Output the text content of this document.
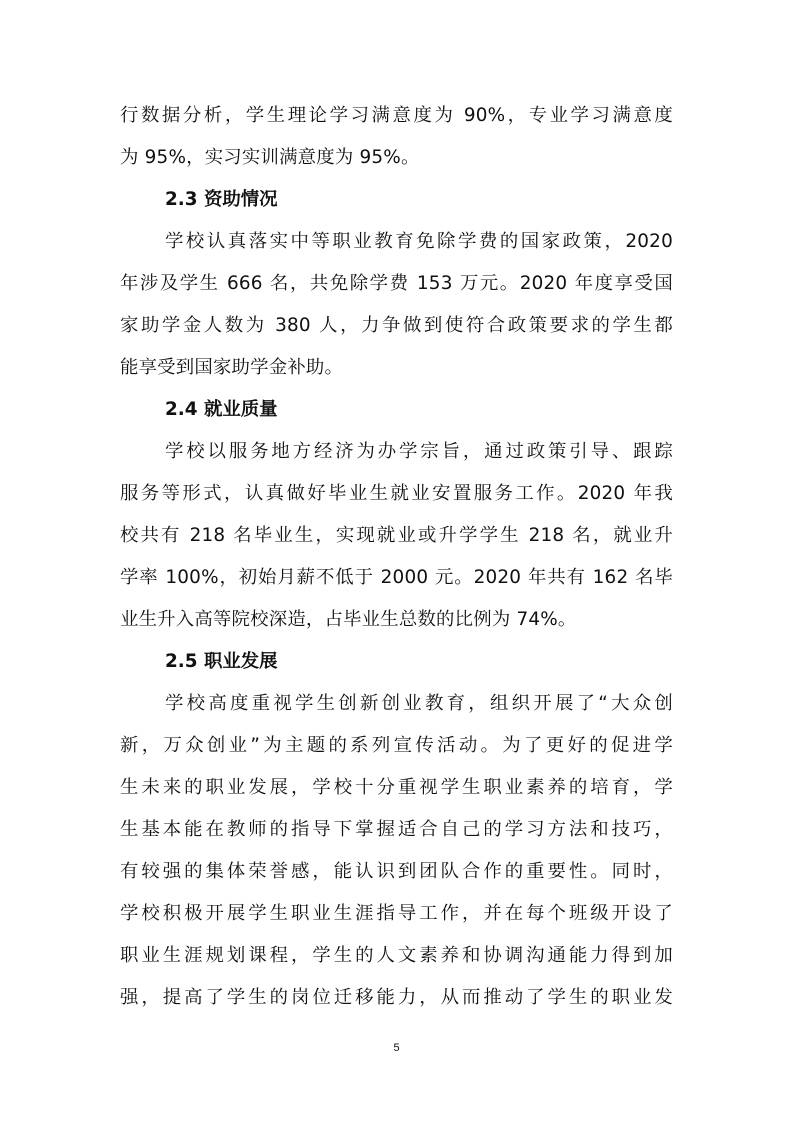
行数据分析，学生理论学习满意度为 90%，专业学习满意度
为 95%，实习实训满意度为 95%。
2.3 资助情况
学校认真落实中等职业教育免除学费的国家政策，2020
年涉及学生 666 名，共免除学费 153 万元。2020 年度享受国
家助学金人数为 380 人，力争做到使符合政策要求的学生都
能享受到国家助学金补助。
2.4 就业质量
学校以服务地方经济为办学宗旨，通过政策引导、跟踪
服务等形式，认真做好毕业生就业安置服务工作。2020 年我
校共有 218 名毕业生，实现就业或升学学生 218 名，就业升
学率 100%，初始月薪不低于 2000 元。2020 年共有 162 名毕
业生升入高等院校深造，占毕业生总数的比例为 74%。
2.5 职业发展
学校高度重视学生创新创业教育，组织开展了“大众创
新，万众创业”为主题的系列宣传活动。为了更好的促进学
生未来的职业发展，学校十分重视学生职业素养的培育，学
生基本能在教师的指导下掌握适合自己的学习方法和技巧，
有较强的集体荣誉感，能认识到团队合作的重要性。同时，
学校积极开展学生职业生涯指导工作，并在每个班级开设了
职业生涯规划课程，学生的人文素养和协调沟通能力得到加
强，提高了学生的岗位迁移能力，从而推动了学生的职业发
5
